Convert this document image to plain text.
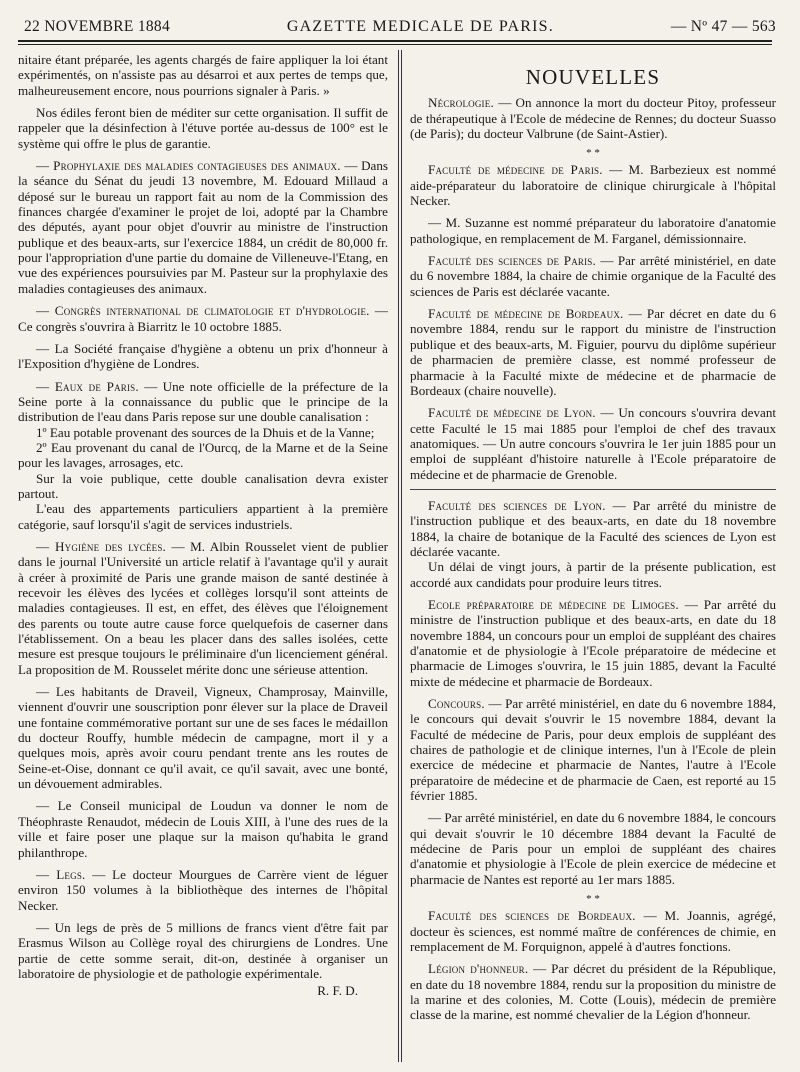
22 NOVEMBRE 1884	GAZETTE MEDICALE DE PARIS.	— Nº 47 — 563

nitaire étant préparée, les agents chargés de faire appliquer la loi étant expérimentés, on n'assiste pas au désarroi et aux pertes de temps que, malheureusement encore, nous pourrions signaler à Paris. »

Nos édiles feront bien de méditer sur cette organisation. Il suffit de rappeler que la désinfection à l'étuve portée au-dessus de 100° est le système qui offre le plus de garantie.

— Prophylaxie des maladies contagieuses des animaux. — Dans la séance du Sénat du jeudi 13 novembre, M. Edouard Millaud a déposé sur le bureau un rapport fait au nom de la Commission des finances chargée d'examiner le projet de loi, adopté par la Chambre des députés, ayant pour objet d'ouvrir au ministre de l'instruction publique et des beaux-arts, sur l'exercice 1884, un crédit de 80,000 fr. pour l'appropriation d'une partie du domaine de Villeneuve-l'Etang, en vue des expériences poursuivies par M. Pasteur sur la prophylaxie des maladies contagieuses des animaux.

— Congrès international de climatologie et d'hydrologie. — Ce congrès s'ouvrira à Biarritz le 10 octobre 1885.

— La Société française d'hygiène a obtenu un prix d'honneur à l'Exposition d'hygiène de Londres.

— Eaux de Paris. — Une note officielle de la préfecture de la Seine porte à la connaissance du public que le principe de la distribution de l'eau dans Paris repose sur une double canalisation :

1º Eau potable provenant des sources de la Dhuis et de la Vanne;

2º Eau provenant du canal de l'Ourcq, de la Marne et de la Seine pour les lavages, arrosages, etc.

Sur la voie publique, cette double canalisation devra exister partout.

L'eau des appartements particuliers appartient à la première catégorie, sauf lorsqu'il s'agit de services industriels.

— Hygiène des lycées. — M. Albin Rousselet vient de publier dans le journal l'Université un article relatif à l'avantage qu'il y aurait à créer à proximité de Paris une grande maison de santé destinée à recevoir les élèves des lycées et collèges lorsqu'il sont atteints de maladies contagieuses. Il est, en effet, des élèves que l'éloignement des parents ou toute autre cause force quelquefois de caserner dans l'établissement. On a beau les placer dans des salles isolées, cette mesure est presque toujours le préliminaire d'un licenciement général. La proposition de M. Rousselet mérite donc une sérieuse attention.

— Les habitants de Draveil, Vigneux, Champrosay, Mainville, viennent d'ouvrir une souscription ponr élever sur la place de Draveil une fontaine commémorative portant sur une de ses faces le médaillon du docteur Rouffy, humble médecin de campagne, mort il y a quelques mois, après avoir couru pendant trente ans les routes de Seine-et-Oise, donnant ce qu'il avait, ce qu'il savait, avec une bonté, un dévouement admirables.

— Le Conseil municipal de Loudun va donner le nom de Théophraste Renaudot, médecin de Louis XIII, à l'une des rues de la ville et faire poser une plaque sur la maison qu'habita le grand philanthrope.

— Legs. — Le docteur Mourgues de Carrère vient de léguer environ 150 volumes à la bibliothèque des internes de l'hôpital Necker.

— Un legs de près de 5 millions de francs vient d'être fait par Erasmus Wilson au Collège royal des chirurgiens de Londres. Une partie de cette somme serait, dit-on, destinée à organiser un laboratoire de physiologie et de pathologie expérimentale.

R. F. D.

NOUVELLES

Nécrologie. — On annonce la mort du docteur Pitoy, professeur de thérapeutique à l'Ecole de médecine de Rennes; du docteur Suasso (de Paris); du docteur Valbrune (de Saint-Astier).

* *

Faculté de médecine de Paris. — M. Barbezieux est nommé aide-préparateur du laboratoire de clinique chirurgicale à l'hôpital Necker.

— M. Suzanne est nommé préparateur du laboratoire d'anatomie pathologique, en remplacement de M. Farganel, démissionnaire.

Faculté des sciences de Paris. — Par arrêté ministériel, en date du 6 novembre 1884, la chaire de chimie organique de la Faculté des sciences de Paris est déclarée vacante.

Faculté de médecine de Bordeaux. — Par décret en date du 6 novembre 1884, rendu sur le rapport du ministre de l'instruction publique et des beaux-arts, M. Figuier, pourvu du diplôme supérieur de pharmacien de première classe, est nommé professeur de pharmacie à la Faculté mixte de médecine et de pharmacie de Bordeaux (chaire nouvelle).

Faculté de médecine de Lyon. — Un concours s'ouvrira devant cette Faculté le 15 mai 1885 pour l'emploi de chef des travaux anatomiques. — Un autre concours s'ouvrira le 1er juin 1885 pour un emploi de suppléant d'histoire naturelle à l'Ecole préparatoire de médecine et de pharmacie de Grenoble.

Faculté des sciences de Lyon. — Par arrêté du ministre de l'instruction publique et des beaux-arts, en date du 18 novembre 1884, la chaire de botanique de la Faculté des sciences de Lyon est déclarée vacante.

Un délai de vingt jours, à partir de la présente publication, est accordé aux candidats pour produire leurs titres.

Ecole préparatoire de médecine de Limoges. — Par arrêté du ministre de l'instruction publique et des beaux-arts, en date du 18 novembre 1884, un concours pour un emploi de suppléant des chaires d'anatomie et de physiologie à l'Ecole préparatoire de médecine et pharmacie de Limoges s'ouvrira, le 15 juin 1885, devant la Faculté mixte de médecine et pharmacie de Bordeaux.

Concours. — Par arrêté ministériel, en date du 6 novembre 1884, le concours qui devait s'ouvrir le 15 novembre 1884, devant la Faculté de médecine de Paris, pour deux emplois de suppléant des chaires de pathologie et de clinique internes, l'un à l'Ecole de plein exercice de médecine et pharmacie de Nantes, l'autre à l'Ecole préparatoire de médecine et de pharmacie de Caen, est reporté au 15 février 1885.

— Par arrêté ministériel, en date du 6 novembre 1884, le concours qui devait s'ouvrir le 10 décembre 1884 devant la Faculté de médecine de Paris pour un emploi de suppléant des chaires d'anatomie et physiologie à l'Ecole de plein exercice de médecine et pharmacie de Nantes est reporté au 1er mars 1885.

* *

Faculté des sciences de Bordeaux. — M. Joannis, agrégé, docteur ès sciences, est nommé maître de conférences de chimie, en remplacement de M. Forquignon, appelé à d'autres fonctions.

Légion d'honneur. — Par décret du président de la République, en date du 18 novembre 1884, rendu sur la proposition du ministre de la marine et des colonies, M. Cotte (Louis), médecin de première classe de la marine, est nommé chevalier de la Légion d'honneur.
